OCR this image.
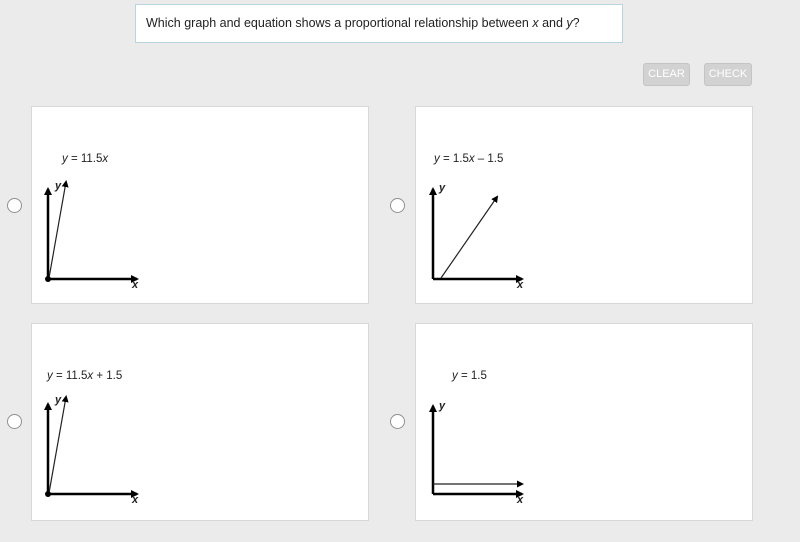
Which graph and equation shows a proportional relationship between x and y?
CLEAR	CHECK
y = 11.5x
y
x
y = 1.5x – 1.5
y
x
y = 11.5x + 1.5
y
x
y = 1.5
y
x
